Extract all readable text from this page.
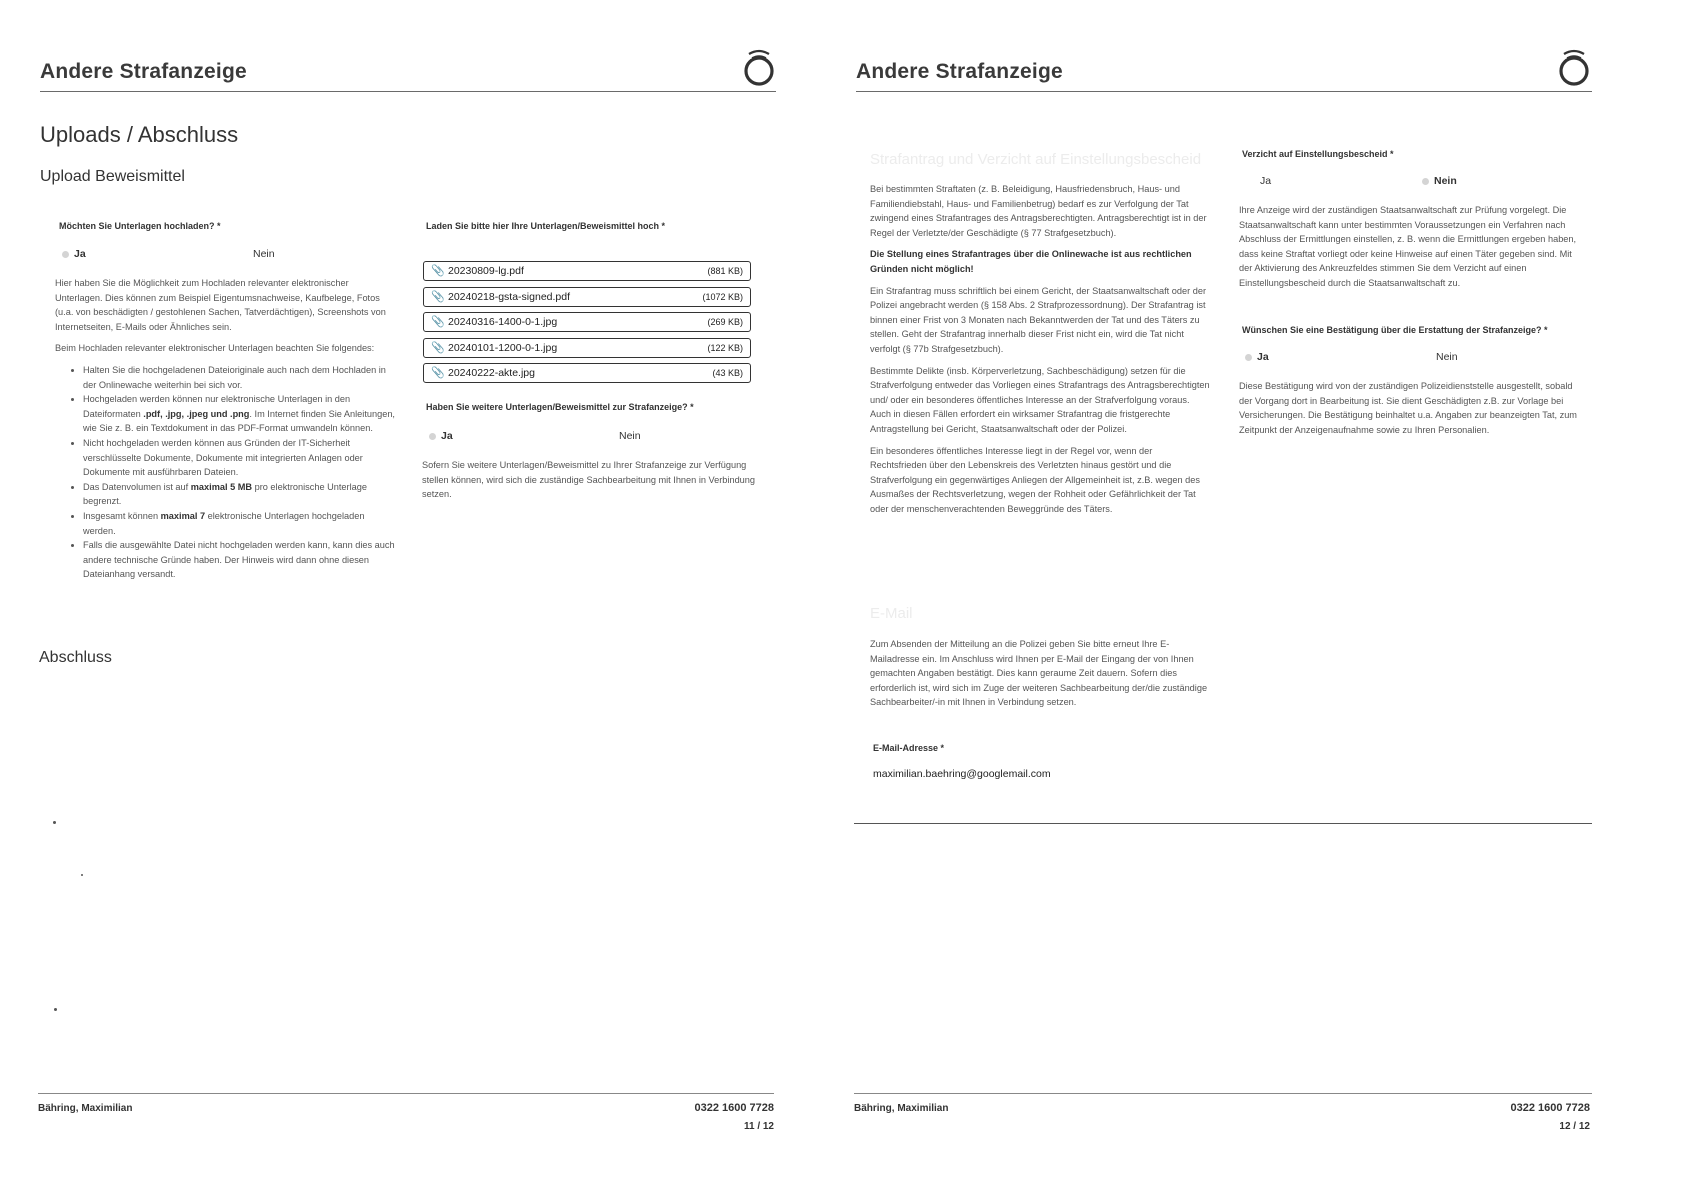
Andere Strafanzeige
Uploads / Abschluss
Upload Beweismittel
Möchten Sie Unterlagen hochladen? *
Ja	Nein

Hier haben Sie die Möglichkeit zum Hochladen relevanter elektronischer Unterlagen. Dies können zum Beispiel Eigentumsnachweise, Kaufbelege, Fotos (u.a. von beschädigten / gestohlenen Sachen, Tatverdächtigen), Screenshots von Internetseiten, E-Mails oder Ähnliches sein.

Beim Hochladen relevanter elektronischer Unterlagen beachten Sie folgendes:

• Halten Sie die hochgeladenen Dateioriginale auch nach dem Hochladen in der Onlinewache weiterhin bei sich vor.
• Hochgeladen werden können nur elektronische Unterlagen in den Dateiformaten .pdf, .jpg, .jpeg und .png. Im Internet finden Sie Anleitungen, wie Sie z. B. ein Textdokument in das PDF-Format umwandeln können.
• Nicht hochgeladen werden können aus Gründen der IT-Sicherheit verschlüsselte Dokumente, Dokumente mit integrierten Anlagen oder Dokumente mit ausführbaren Dateien.
• Das Datenvolumen ist auf maximal 5 MB pro elektronische Unterlage begrenzt.
• Insgesamt können maximal 7 elektronische Unterlagen hochgeladen werden.
• Falls die ausgewählte Datei nicht hochgeladen werden kann, kann dies auch andere technische Gründe haben. Der Hinweis wird dann ohne diesen Dateianhang versandt.
Laden Sie bitte hier Ihre Unterlagen/Beweismittel hoch *
📎 20230809-lg.pdf	(881 KB)
📎 20240218-gsta-signed.pdf	(1072 KB)
📎 20240316-1400-0-1.jpg	(269 KB)
📎 20240101-1200-0-1.jpg	(122 KB)
📎 20240222-akte.jpg	(43 KB)
Haben Sie weitere Unterlagen/Beweismittel zur Strafanzeige? *
Ja	Nein
Sofern Sie weitere Unterlagen/Beweismittel zu Ihrer Strafanzeige zur Verfügung stellen können, wird sich die zuständige Sachbearbeitung mit Ihnen in Verbindung setzen.
Abschluss
Bähring, Maximilian	0322 1600 7728
11 / 12
Andere Strafanzeige
Strafantrag und Verzicht auf Einstellungsbescheid

Bei bestimmten Straftaten (z. B. Beleidigung, Hausfriedensbruch, Haus- und Familiendiebstahl, Haus- und Familienbetrug) bedarf es zur Verfolgung der Tat zwingend eines Strafantrages des Antragsberechtigten. Antragsberechtigt ist in der Regel der Verletzte/der Geschädigte (§ 77 Strafgesetzbuch).

Die Stellung eines Strafantrages über die Onlinewache ist aus rechtlichen Gründen nicht möglich!

Ein Strafantrag muss schriftlich bei einem Gericht, der Staatsanwaltschaft oder der Polizei angebracht werden (§ 158 Abs. 2 Strafprozessordnung). Der Strafantrag ist binnen einer Frist von 3 Monaten nach Bekanntwerden der Tat und des Täters zu stellen. Geht der Strafantrag innerhalb dieser Frist nicht ein, wird die Tat nicht verfolgt (§ 77b Strafgesetzbuch).

Bestimmte Delikte (insb. Körperverletzung, Sachbeschädigung) setzen für die Strafverfolgung entweder das Vorliegen eines Strafantrags des Antragsberechtigten und/ oder ein besonderes öffentliches Interesse an der Strafverfolgung voraus. Auch in diesen Fällen erfordert ein wirksamer Strafantrag die fristgerechte Antragstellung bei Gericht, Staatsanwaltschaft oder der Polizei.

Ein besonderes öffentliches Interesse liegt in der Regel vor, wenn der Rechtsfrieden über den Lebenskreis des Verletzten hinaus gestört und die Strafverfolgung ein gegenwärtiges Anliegen der Allgemeinheit ist, z.B. wegen des Ausmaßes der Rechtsverletzung, wegen der Rohheit oder Gefährlichkeit der Tat oder der menschenverachtenden Beweggründe des Täters.

E-Mail
Zum Absenden der Mitteilung an die Polizei geben Sie bitte erneut Ihre E-Mailadresse ein. Im Anschluss wird Ihnen per E-Mail der Eingang der von Ihnen gemachten Angaben bestätigt. Dies kann geraume Zeit dauern. Sofern dies erforderlich ist, wird sich im Zuge der weiteren Sachbearbeitung der/die zuständige Sachbearbeiter/-in mit Ihnen in Verbindung setzen.
E-Mail-Adresse *
maximilian.baehring@googlemail.com
Verzicht auf Einstellungsbescheid *
Ja	Nein
Ihre Anzeige wird der zuständigen Staatsanwaltschaft zur Prüfung vorgelegt. Die Staatsanwaltschaft kann unter bestimmten Voraussetzungen ein Verfahren nach Abschluss der Ermittlungen einstellen, z. B. wenn die Ermittlungen ergeben haben, dass keine Straftat vorliegt oder keine Hinweise auf einen Täter gegeben sind. Mit der Aktivierung des Ankreuzfeldes stimmen Sie dem Verzicht auf einen Einstellungsbescheid durch die Staatsanwaltschaft zu.
Wünschen Sie eine Bestätigung über die Erstattung der Strafanzeige? *
Ja	Nein
Diese Bestätigung wird von der zuständigen Polizeidienststelle ausgestellt, sobald der Vorgang dort in Bearbeitung ist. Sie dient Geschädigten z.B. zur Vorlage bei Versicherungen. Die Bestätigung beinhaltet u.a. Angaben zur beanzeigten Tat, zum Zeitpunkt der Anzeigenaufnahme sowie zu Ihren Personalien.
Bähring, Maximilian	0322 1600 7728
12 / 12
